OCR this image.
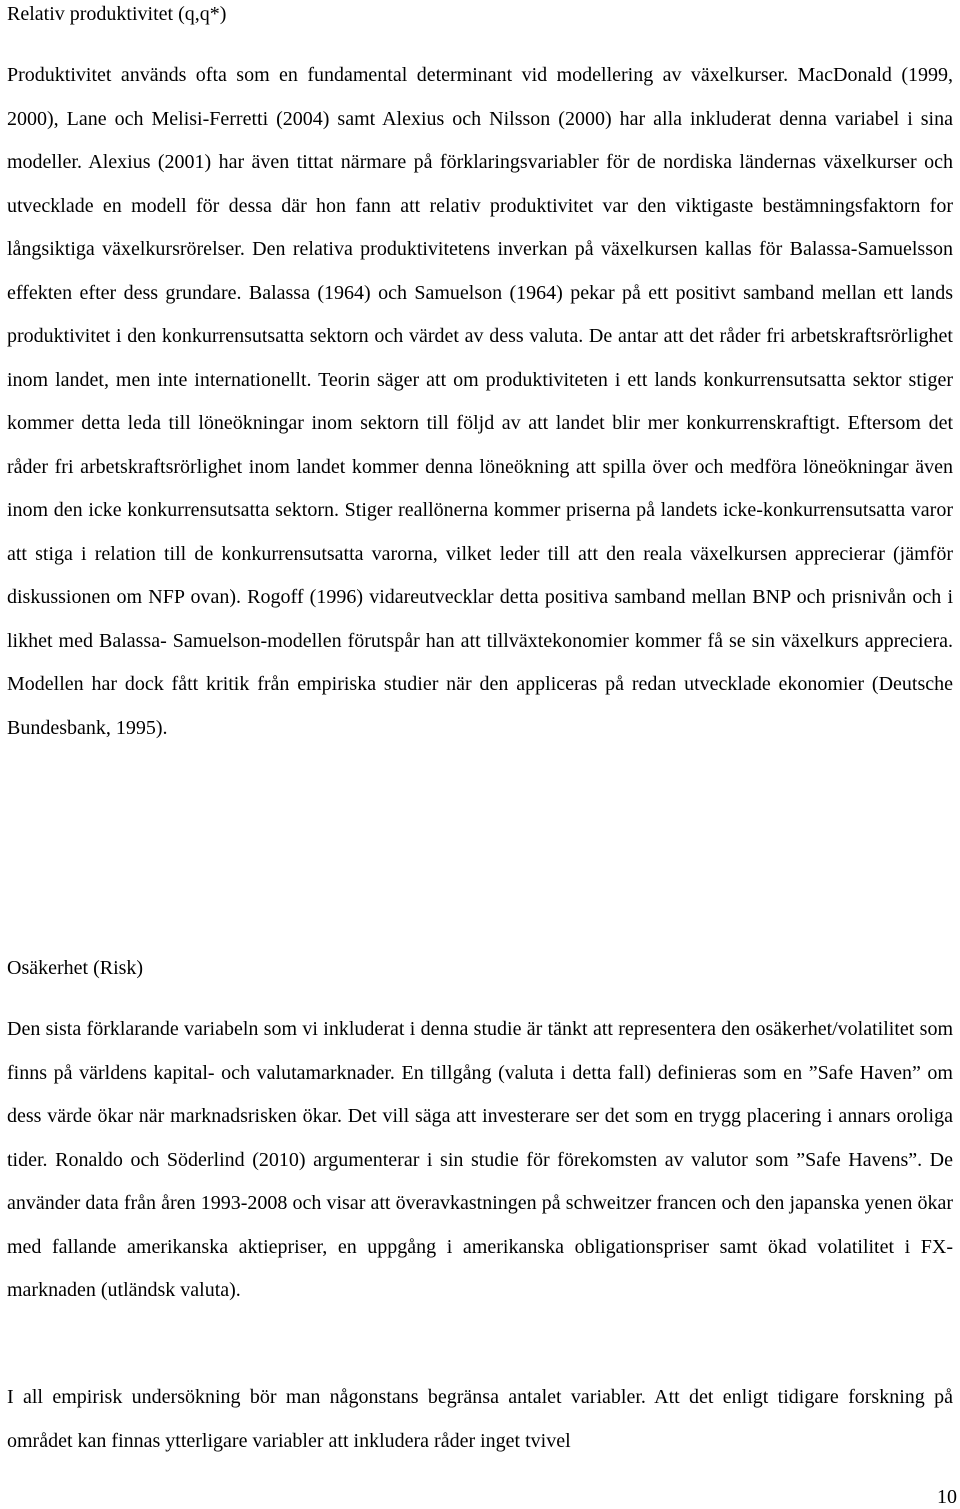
Relativ produktivitet (q,q*)

Produktivitet används ofta som en fundamental determinant vid modellering av växelkurser. MacDonald (1999, 2000), Lane och Melisi-Ferretti (2004) samt Alexius och Nilsson (2000) har alla inkluderat denna variabel i sina modeller. Alexius (2001) har även tittat närmare på förklaringsvariabler för de nordiska ländernas växelkurser och utvecklade en modell för dessa där hon fann att relativ produktivitet var den viktigaste bestämningsfaktorn for långsiktiga växelkursrörelser. Den relativa produktivitetens inverkan på växelkursen kallas för Balassa-Samuelsson effekten efter dess grundare. Balassa (1964) och Samuelson (1964) pekar på ett positivt samband mellan ett lands produktivitet i den konkurrensutsatta sektorn och värdet av dess valuta. De antar att det råder fri arbetskraftsrörlighet inom landet, men inte internationellt. Teorin säger att om produktiviteten i ett lands konkurrensutsatta sektor stiger kommer detta leda till löneökningar inom sektorn till följd av att landet blir mer konkurrenskraftigt. Eftersom det råder fri arbetskraftsrörlighet inom landet kommer denna löneökning att spilla över och medföra löneökningar även inom den icke konkurrensutsatta sektorn. Stiger reallönerna kommer priserna på landets icke-konkurrensutsatta varor att stiga i relation till de konkurrensutsatta varorna, vilket leder till att den reala växelkursen apprecierar (jämför diskussionen om NFP ovan). Rogoff (1996) vidareutvecklar detta positiva samband mellan BNP och prisnivån och i likhet med Balassa- Samuelson-modellen förutspår han att tillväxtekonomier kommer få se sin växelkurs appreciera. Modellen har dock fått kritik från empiriska studier när den appliceras på redan utvecklade ekonomier (Deutsche Bundesbank, 1995).

Osäkerhet (Risk)

Den sista förklarande variabeln som vi inkluderat i denna studie är tänkt att representera den osäkerhet/volatilitet som finns på världens kapital- och valutamarknader. En tillgång (valuta i detta fall) definieras som en ”Safe Haven” om dess värde ökar när marknadsrisken ökar. Det vill säga att investerare ser det som en trygg placering i annars oroliga tider. Ronaldo och Söderlind (2010) argumenterar i sin studie för förekomsten av valutor som ”Safe Havens”. De använder data från åren 1993-2008 och visar att överavkastningen på schweitzer francen och den japanska yenen ökar med fallande amerikanska aktiepriser, en uppgång i amerikanska obligationspriser samt ökad volatilitet i FX-marknaden (utländsk valuta).

I all empirisk undersökning bör man någonstans begränsa antalet variabler. Att det enligt tidigare forskning på området kan finnas ytterligare variabler att inkludera råder inget tvivel

10
